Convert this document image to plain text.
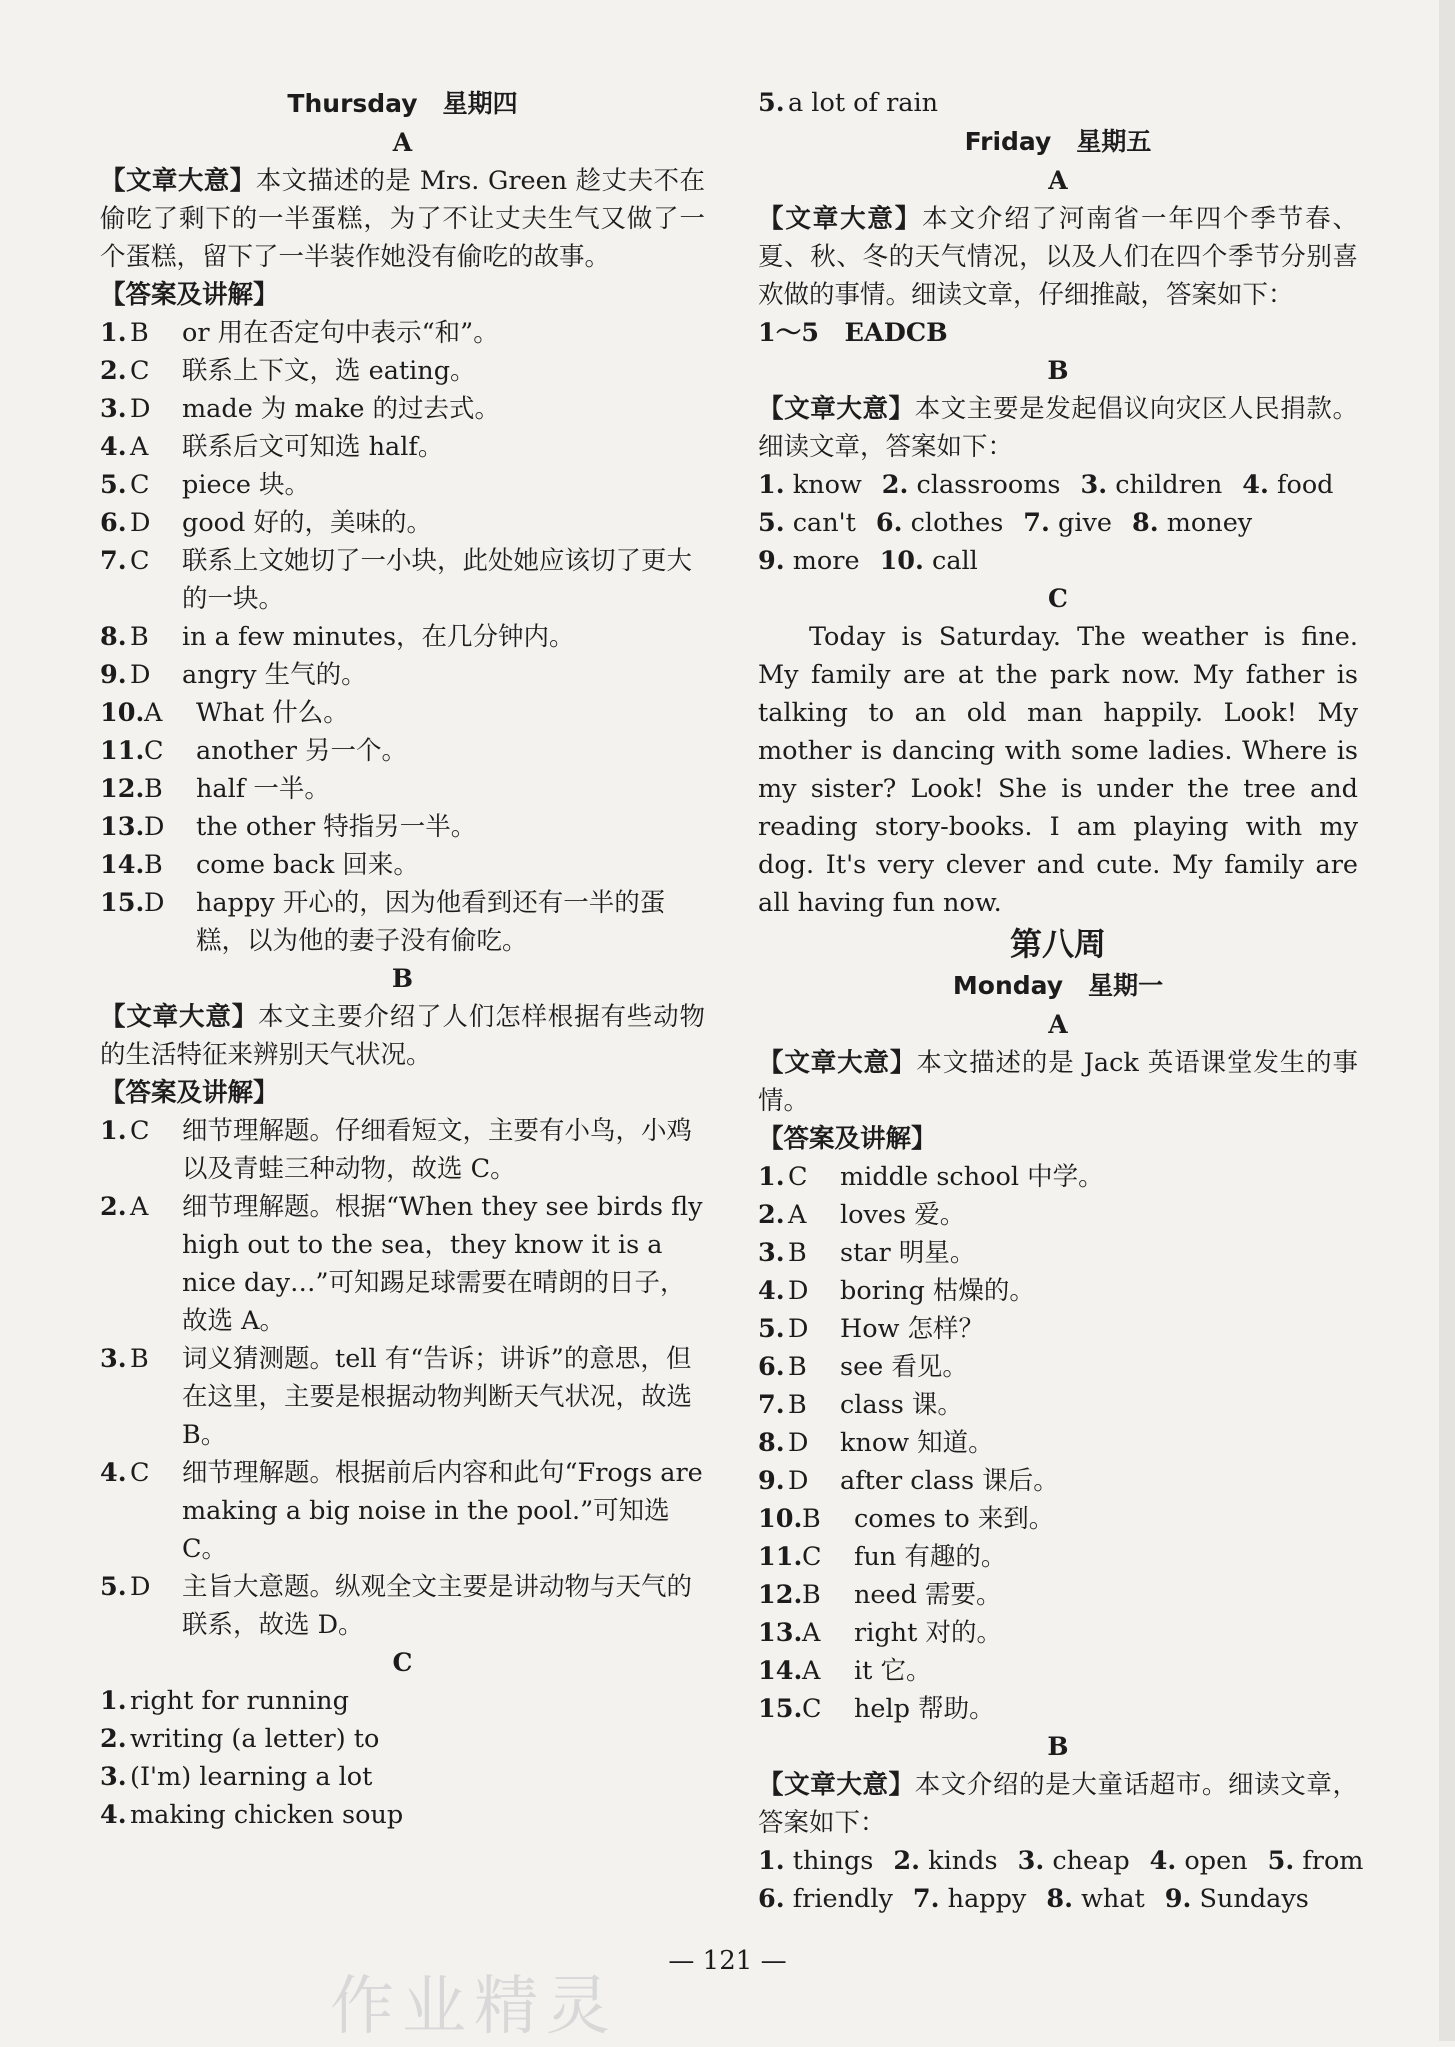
Thursday　星期四
A
【文章大意】本文描述的是 Mrs. Green 趁丈夫不在偷吃了剩下的一半蛋糕，为了不让丈夫生气又做了一个蛋糕，留下了一半装作她没有偷吃的故事。
【答案及讲解】
1. B	or 用在否定句中表示“和”。
2. C	联系上下文，选 eating。
3. D	made 为 make 的过去式。
4. A	联系后文可知选 half。
5. C	piece 块。
6. D	good 好的，美味的。
7. C	联系上文她切了一小块，此处她应该切了更大的一块。
8. B	in a few minutes，在几分钟内。
9. D	angry 生气的。
10. A	What 什么。
11. C	another 另一个。
12. B	half 一半。
13. D	the other 特指另一半。
14. B	come back 回来。
15. D	happy 开心的，因为他看到还有一半的蛋糕，以为他的妻子没有偷吃。
B
【文章大意】本文主要介绍了人们怎样根据有些动物的生活特征来辨别天气状况。
【答案及讲解】
1. C	细节理解题。仔细看短文，主要有小鸟，小鸡以及青蛙三种动物，故选 C。
2. A	细节理解题。根据“When they see birds fly high out to the sea，they know it is a nice day…”可知踢足球需要在晴朗的日子，故选 A。
3. B	词义猜测题。tell 有“告诉；讲诉”的意思，但在这里，主要是根据动物判断天气状况，故选 B。
4. C	细节理解题。根据前后内容和此句“Frogs are making a big noise in the pool.”可知选 C。
5. D	主旨大意题。纵观全文主要是讲动物与天气的联系，故选 D。
C
1. right for running
2. writing (a letter) to
3. (I'm) learning a lot
4. making chicken soup
5. a lot of rain
Friday　星期五
A
【文章大意】本文介绍了河南省一年四个季节春、夏、秋、冬的天气情况，以及人们在四个季节分别喜欢做的事情。细读文章，仔细推敲，答案如下：
1～5　EADCB
B
【文章大意】本文主要是发起倡议向灾区人民捐款。细读文章，答案如下：
1. know 2. classrooms 3. children 4. food
5. can't 6. clothes 7. give 8. money
9. more 10. call
C
Today is Saturday. The weather is fine. My family are at the park now. My father is talking to an old man happily. Look! My mother is dancing with some ladies. Where is my sister? Look! She is under the tree and reading story-books. I am playing with my dog. It's very clever and cute. My family are all having fun now.
第八周
Monday　星期一
A
【文章大意】本文描述的是 Jack 英语课堂发生的事情。
【答案及讲解】
1. C	middle school 中学。
2. A	loves 爱。
3. B	star 明星。
4. D	boring 枯燥的。
5. D	How 怎样？
6. B	see 看见。
7. B	class 课。
8. D	know 知道。
9. D	after class 课后。
10. B	comes to 来到。
11. C	fun 有趣的。
12. B	need 需要。
13. A	right 对的。
14. A	it 它。
15. C	help 帮助。
B
【文章大意】本文介绍的是大童话超市。细读文章，答案如下：
1. things 2. kinds 3. cheap 4. open 5. from
6. friendly 7. happy 8. what 9. Sundays
— 121 —
作业精灵
